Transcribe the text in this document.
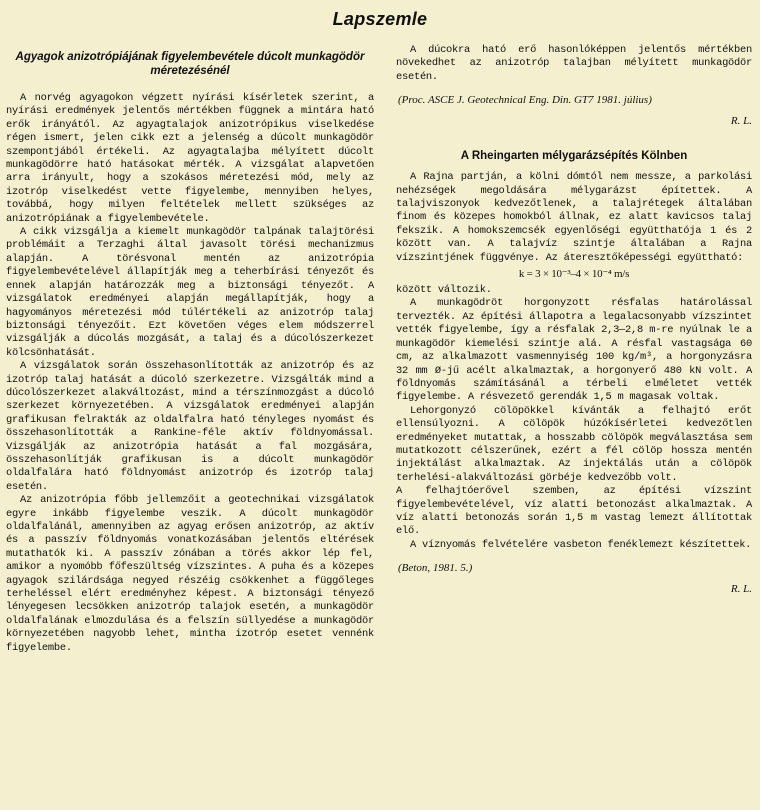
Lapszemle
Agyagok anizotrópiájának figyelembevétele dúcolt munkagödör méretezésénél

A norvég agyagokon végzett nyírási kísérletek szerint, a nyírási eredmények jelentős mértékben függnek a mintára ható erők irányától. Az agyagtalajok anizotrópikus viselkedése régen ismert, jelen cikk ezt a jelenség a dúcolt munkagödör szempontjából értékeli. Az agyagtalajba mélyített dúcolt munkagödörre ható hatásokat mérték. A vizsgálat alapvetően arra irányult, hogy a szokásos méretezési mód, mely az izotróp viselkedést vette figyelembe, mennyiben helyes, továbbá, hogy milyen feltételek mellett szükséges az anizotrópiának a figyelembevétele.

A cikk vizsgálja a kiemelt munkagödör talpának talajtörési problémáit a Terzaghi által javasolt törési mechanizmus alapján. A törésvonal mentén az anizotrópia figyelembevételével állapítják meg a teherbírási tényezőt és ennek alapján határozzák meg a biztonsági tényezőt. A vizsgálatok eredményei alapján megállapítják, hogy a hagyományos méretezési mód túlértékeli az anizotróp talaj biztonsági tényezőit. Ezt követően véges elem módszerrel vizsgálják a dúcolás mozgását, a talaj és a dúcolószerkezet kölcsönhatását.

A vizsgálatok során összehasonlították az anizotróp és az izotróp talaj hatását a dúcoló szerkezetre. Vizsgálták mind a dúcolószerkezet alakváltozást, mind a térszínmozgást a dúcoló szerkezet környezetében. A vizsgálatok eredményei alapján grafikusan felrakták az oldalfalra ható tényleges nyomást és összehasonlították a Rankine-féle aktív földnyomással. Vizsgálják az anizotrópia hatását a fal mozgására, összehasonlítják grafikusan is a dúcolt munkagödör oldalfalára ható földnyomást anizotróp és izotróp talaj esetén.

Az anizotrópia főbb jellemzőit a geotechnikai vizsgálatok egyre inkább figyelembe veszik. A dúcolt munkagödör oldalfalánál, amennyiben az agyag erősen anizotróp, az aktív és a passzív földnyomás vonatkozásában jelentős eltérések mutathatók ki. A passzív zónában a törés akkor lép fel, amikor a nyomóbb főfeszültség vízszintes. A puha és a közepes agyagok szilárdsága negyed részéig csökkenhet a függőleges terheléssel elért eredményhez képest. A biztonsági tényező lényegesen lecsökken anizotróp talajok esetén, a munkagödör oldalfalának elmozdulása és a felszín süllyedése a munkagödör környezetében nagyobb lehet, mintha izotróp esetet vennénk figyelembe.

A dúcokra ható erő hasonlóképpen jelentős mértékben növekedhet az anizotróp talajban mélyített munkagödör esetén.

(Proc. ASCE J. Geotechnical Eng. Din. GT7 1981. július)
R. L.
A Rheingarten mélygarázsépítés Kölnben

A Rajna partján, a kölni dómtól nem messze, a parkolási nehézségek megoldására mélygarázst építettek. A talajviszonyok kedvezőtlenek, a talajrétegek általában finom és közepes homokból állnak, ez alatt kavicsos talaj fekszik. A homokszemcsék egyenlőségi együtthatója 1 és 2 között van. A talajvíz szintje általában a Rajna vízszintjének függvénye. Az áteresztőképességi együttható:

k = 3 × 10⁻³–4 × 10⁻⁴ m/s

között változik.

A munkagödröt horgonyzott résfalas határolással tervezték. Az építési állapotra a legalacsonyabb vízszintet vették figyelembe, így a résfalak 2,3—2,8 m-re nyúlnak le a munkagödör kiemelési szintje alá. A résfal vastagsága 60 cm, az alkalmazott vasmennyiség 100 kg/m³, a horgonyzásra 32 mm Ø-jű acélt alkalmaztak, a horgonyerő 480 kN volt. A földnyomás számításánál a térbeli elméletet vették figyelembe. A résvezető gerendák 1,5 m magasak voltak.

Lehorgonyzó cölöpökkel kívánták a felhajtó erőt ellensúlyozni. A cölöpök húzókísérletei kedvezőtlen eredményeket mutattak, a hosszabb cölöpök megválasztása sem mutatkozott célszerűnek, ezért a fél cölöp hossza mentén injektálást alkalmaztak. Az injektálás után a cölöpök terhelési-alakváltozási görbéje kedvezőbb volt.

A felhajtóerővel szemben, az építési vízszint figyelembevételével, víz alatti betonozást alkalmaztak. A víz alatti betonozás során 1,5 m vastag lemezt állítottak elő.

A víznyomás felvételére vasbeton fenéklemezt készítettek.

(Beton, 1981. 5.)
R. L.
